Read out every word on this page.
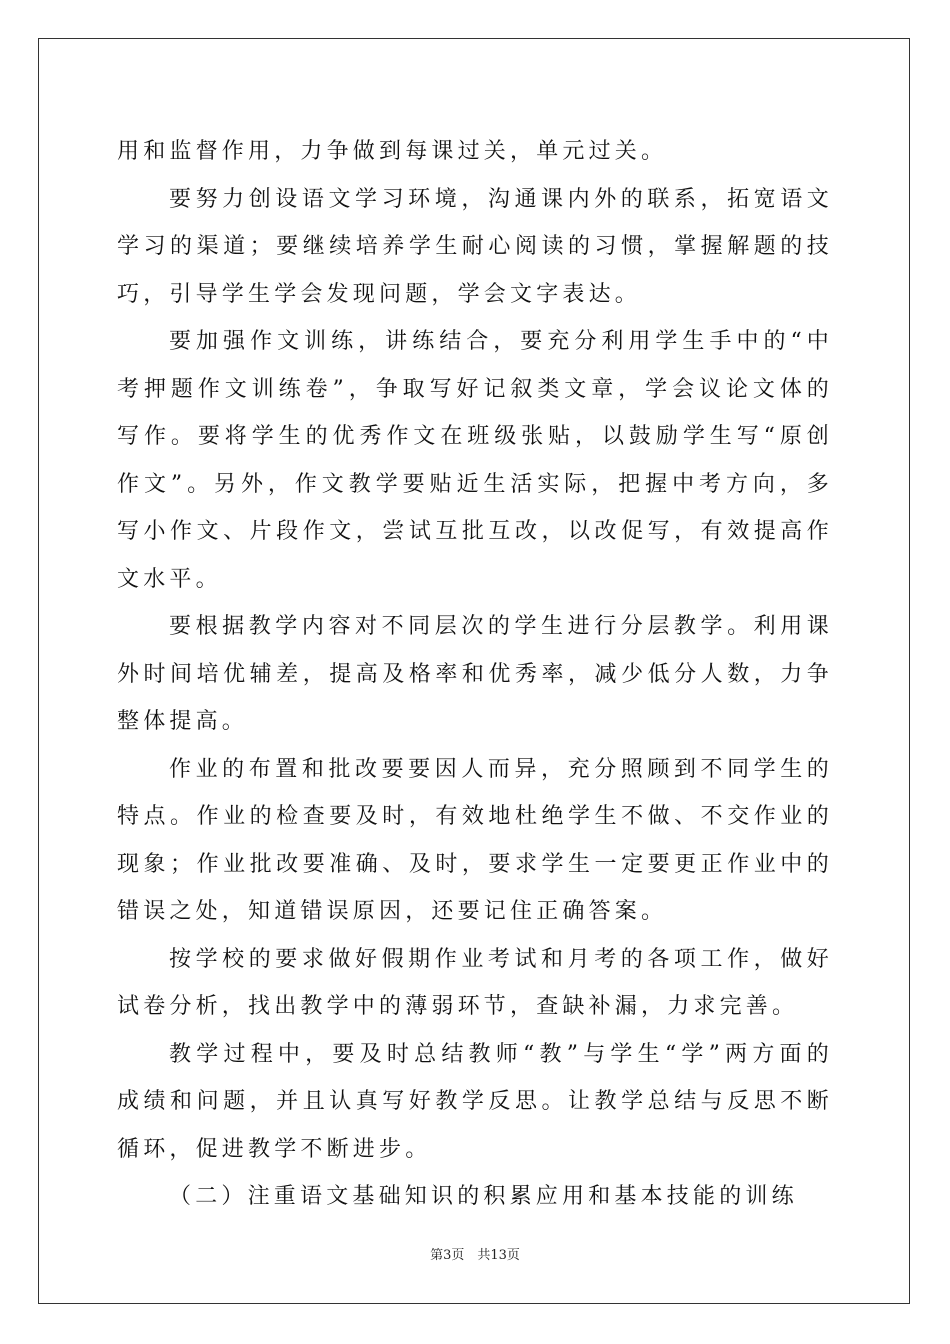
用和监督作用，力争做到每课过关，单元过关。

要努力创设语文学习环境，沟通课内外的联系，拓宽语文学习的渠道；要继续培养学生耐心阅读的习惯，掌握解题的技巧，引导学生学会发现问题，学会文字表达。

要加强作文训练，讲练结合，要充分利用学生手中的“中考押题作文训练卷”，争取写好记叙类文章，学会议论文体的写作。要将学生的优秀作文在班级张贴，以鼓励学生写“原创作文”。另外，作文教学要贴近生活实际，把握中考方向，多写小作文、片段作文，尝试互批互改，以改促写，有效提高作文水平。

要根据教学内容对不同层次的学生进行分层教学。利用课外时间培优辅差，提高及格率和优秀率，减少低分人数，力争整体提高。

作业的布置和批改要要因人而异，充分照顾到不同学生的特点。作业的检查要及时，有效地杜绝学生不做、不交作业的现象；作业批改要准确、及时，要求学生一定要更正作业中的错误之处，知道错误原因，还要记住正确答案。

按学校的要求做好假期作业考试和月考的各项工作，做好试卷分析，找出教学中的薄弱环节，查缺补漏，力求完善。

教学过程中，要及时总结教师“教”与学生“学”两方面的成绩和问题，并且认真写好教学反思。让教学总结与反思不断循环，促进教学不断进步。

（二）注重语文基础知识的积累应用和基本技能的训练

第3页　共13页
